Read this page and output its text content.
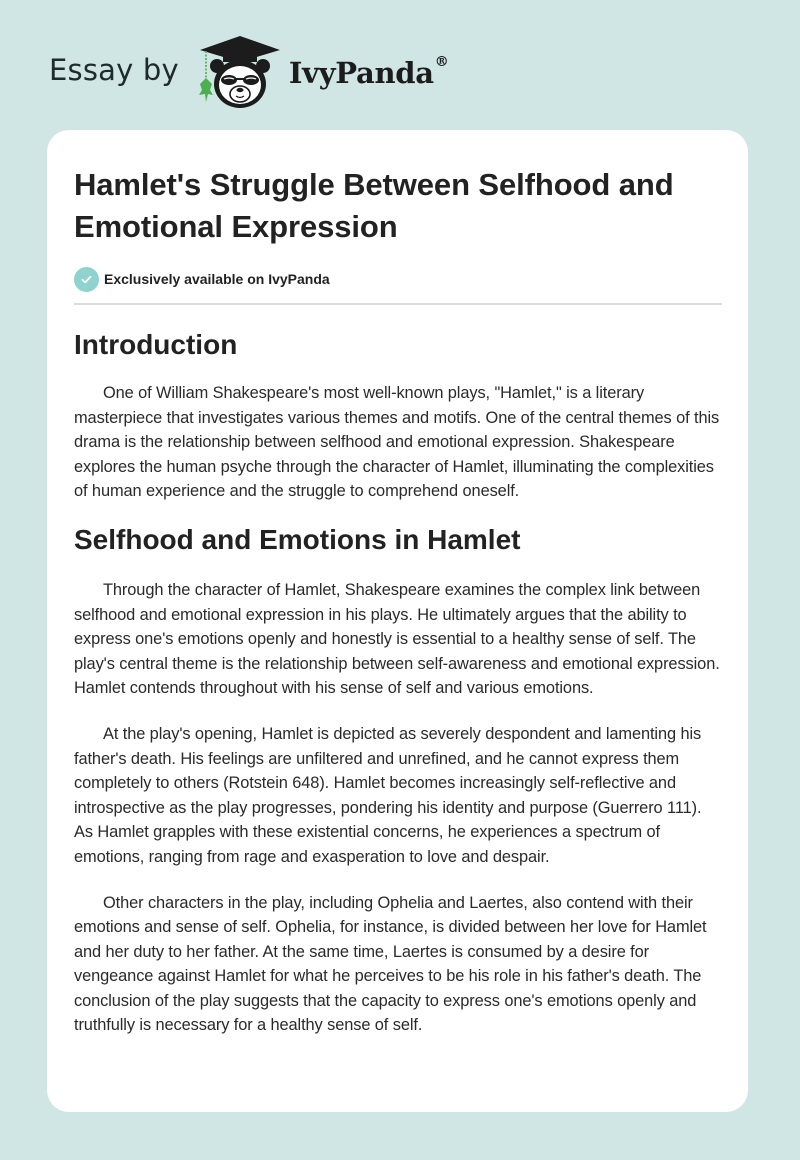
Essay by	IvyPanda®
Hamlet's Struggle Between Selfhood and Emotional Expression
Exclusively available on IvyPanda
Introduction

One of William Shakespeare's most well-known plays, "Hamlet," is a literary masterpiece that investigates various themes and motifs. One of the central themes of this drama is the relationship between selfhood and emotional expression. Shakespeare explores the human psyche through the character of Hamlet, illuminating the complexities of human experience and the struggle to comprehend oneself.

Selfhood and Emotions in Hamlet

Through the character of Hamlet, Shakespeare examines the complex link between selfhood and emotional expression in his plays. He ultimately argues that the ability to express one's emotions openly and honestly is essential to a healthy sense of self. The play's central theme is the relationship between self-awareness and emotional expression. Hamlet contends throughout with his sense of self and various emotions.

At the play's opening, Hamlet is depicted as severely despondent and lamenting his father's death. His feelings are unfiltered and unrefined, and he cannot express them completely to others (Rotstein 648). Hamlet becomes increasingly self-reflective and introspective as the play progresses, pondering his identity and purpose (Guerrero 111). As Hamlet grapples with these existential concerns, he experiences a spectrum of emotions, ranging from rage and exasperation to love and despair.

Other characters in the play, including Ophelia and Laertes, also contend with their emotions and sense of self. Ophelia, for instance, is divided between her love for Hamlet and her duty to her father. At the same time, Laertes is consumed by a desire for vengeance against Hamlet for what he perceives to be his role in his father's death. The conclusion of the play suggests that the capacity to express one's emotions openly and truthfully is necessary for a healthy sense of self.
